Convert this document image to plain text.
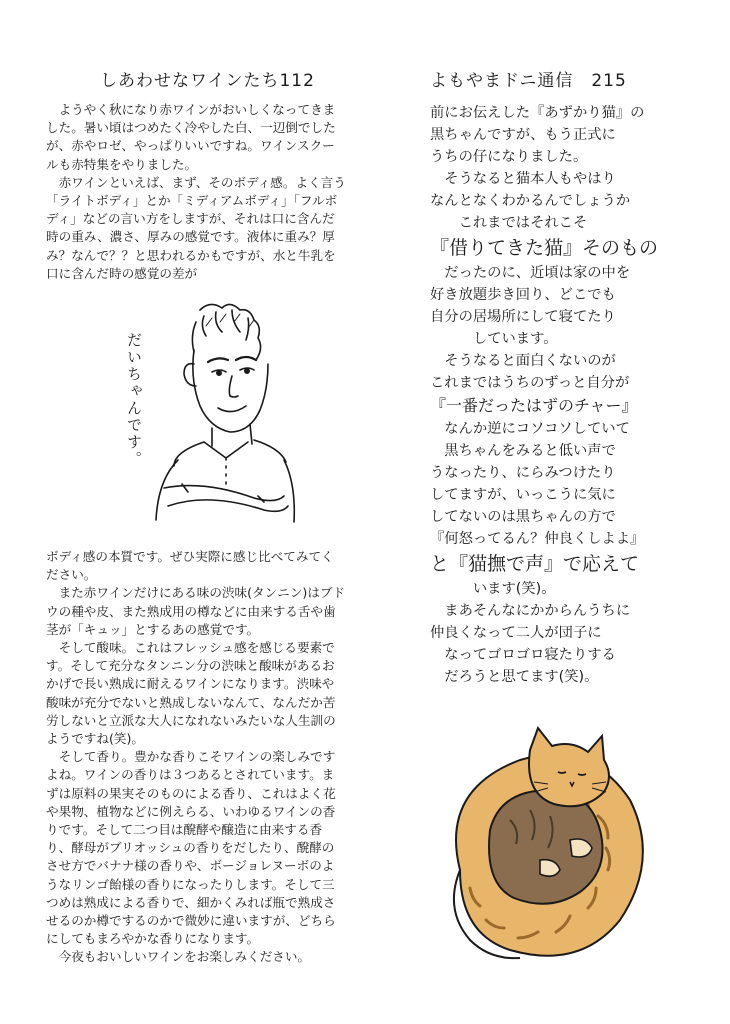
しあわせなワインたち112

ようやく秋になり赤ワインがおいしくなってきました。暑い頃はつめたく冷やした白、一辺倒でしたが、赤やロゼ、やっぱりいいですね。ワインスクールも赤特集をやりました。

赤ワインといえば、まず、そのボディ感。よく言う「ライトボディ」とか「ミディアムボディ」「フルボディ」などの言い方をしますが、それは口に含んだ時の重み、濃さ、厚みの感覚です。液体に重み？厚み？なんで？？と思われるかもですが、水と牛乳を口に含んだ時の感覚の差が

だいちゃんです。

ボディ感の本質です。ぜひ実際に感じ比べてみてください。

また赤ワインだけにある味の渋味(タンニン)はブドウの種や皮、また熟成用の樽などに由来する舌や歯茎が「キュッ」とするあの感覚です。

そして酸味。これはフレッシュ感を感じる要素です。そして充分なタンニン分の渋味と酸味があるおかげで長い熟成に耐えるワインになります。渋味や酸味が充分でないと熟成しないなんて、なんだか苦労しないと立派な大人になれないみたいな人生訓のようですね(笑)。

そして香り。豊かな香りこそワインの楽しみですよね。ワインの香りは３つあるとされています。まずは原料の果実そのものによる香り、これはよく花や果物、植物などに例えらる、いわゆるワインの香りです。そして二つ目は醗酵や醸造に由来する香り、酵母がブリオッシュの香りをだしたり、醗酵のさせ方でバナナ様の香りや、ボージョレヌーボのようなリンゴ飴様の香りになったりします。そして三つめは熟成による香りで、細かくみれば瓶で熟成させるのか樽でするのかで微妙に違いますが、どちらにしてもまろやかな香りになります。

今夜もおいしいワインをお楽しみください。

よもやまドニ通信　215

前にお伝えした『あずかり猫』の

黒ちゃんですが、もう正式に

うちの仔になりました。

　そうなると猫本人もやはり

なんとなくわかるんでしょうか

　　これまではそれこそ

『借りてきた猫』そのもの

　だったのに、近頃は家の中を

好き放題歩き回り、どこでも

自分の居場所にして寝てたり

　　　しています。

　そうなると面白くないのが

これまではうちのずっと自分が

『一番だったはずのチャー』

　なんか逆にコソコソしていて

　黒ちゃんをみると低い声で

うなったり、にらみつけたり

してますが、いっこうに気に

してないのは黒ちゃんの方で

『何怒ってるん？仲良くしよよ』

と『猫撫で声』で応えて

　　　います(笑)。

　まあそんなにかからんうちに

仲良くなって二人が団子に

　なってゴロゴロ寝たりする

　だろうと思てます(笑)。
